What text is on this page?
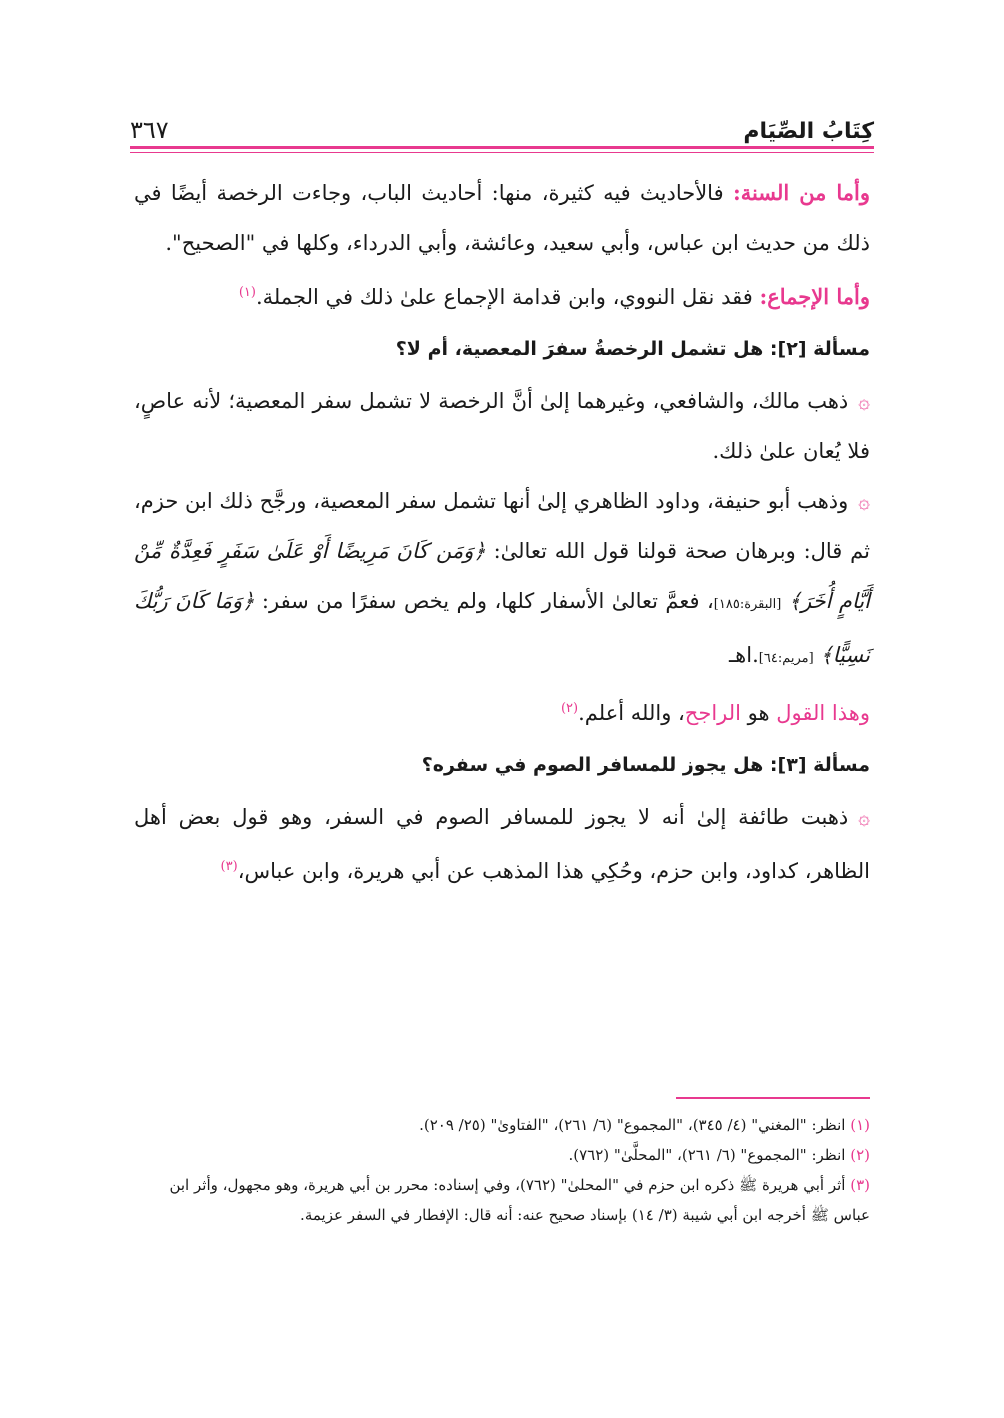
٣٦٧	كِتَابُ الصِّيَام

وأما من السنة: فالأحاديث فيه كثيرة، منها: أحاديث الباب، وجاءت الرخصة أيضًا في ذلك من حديث ابن عباس، وأبي سعيد، وعائشة، وأبي الدرداء، وكلها في "الصحيح".

وأما الإجماع: فقد نقل النووي، وابن قدامة الإجماع علىٰ ذلك في الجملة.$^{(١)}$

مسألة [٢]: هل تشمل الرخصةُ سفرَ المعصية، أم لا؟

۞ذهب مالك، والشافعي، وغيرهما إلىٰ أنَّ الرخصة لا تشمل سفر المعصية؛ لأنه عاصٍ، فلا يُعان علىٰ ذلك.

۞وذهب أبو حنيفة، وداود الظاهري إلىٰ أنها تشمل سفر المعصية، ورجَّح ذلك ابن حزم، ثم قال: وبرهان صحة قولنا قول الله تعالىٰ: ﴿وَمَن كَانَ مَرِيضًا أَوْ عَلَىٰ سَفَرٍ فَعِدَّةٌ مِّنْ أَيَّامٍ أُخَرَ﴾ [البقرة:١٨٥]، فعمَّ تعالىٰ الأسفار كلها، ولم يخص سفرًا من سفر: ﴿وَمَا كَانَ رَبُّكَ نَسِيًّا﴾ [مريم:٦٤].اهـ

وهذا القول هو الراجح، والله أعلم.$^{(٢)}$

مسألة [٣]: هل يجوز للمسافر الصوم في سفره؟

۞ذهبت طائفة إلىٰ أنه لا يجوز للمسافر الصوم في السفر، وهو قول بعض أهل الظاهر، كداود، وابن حزم، وحُكِي هذا المذهب عن أبي هريرة، وابن عباس،$^{(٣)}$

(١) انظر: "المغني" (٤/ ٣٤٥)، "المجموع" (٦/ ٢٦١)، "الفتاوىٰ" (٢٥/ ٢٠٩).

(٢) انظر: "المجموع" (٦/ ٢٦١)، "المحلَّىٰ" (٧٦٢).

(٣) أثر أبي هريرة ﷺ ذكره ابن حزم في "المحلىٰ" (٧٦٢)، وفي إسناده: محرر بن أبي هريرة، وهو مجهول، وأثر ابن عباس ﷺ أخرجه ابن أبي شيبة (٣/ ١٤) بإسناد صحيح عنه: أنه قال: الإفطار في السفر عزيمة.
